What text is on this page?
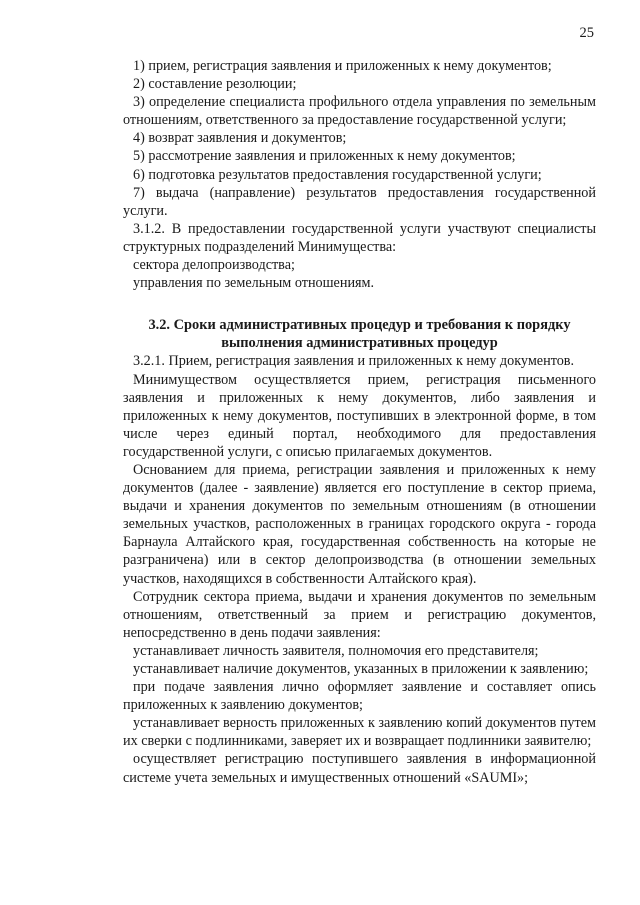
25

1) прием, регистрация заявления и приложенных к нему документов;

2) составление резолюции;

3) определение специалиста профильного отдела управления по земельным отношениям, ответственного за предоставление государственной услуги;

4) возврат заявления и документов;

5) рассмотрение заявления и приложенных к нему документов;

6) подготовка результатов предоставления государственной услуги;

7) выдача (направление) результатов предоставления государственной услуги.

3.1.2. В предоставлении государственной услуги участвуют специалисты структурных подразделений Минимущества:

сектора делопроизводства;

управления по земельным отношениям.

3.2. Сроки административных процедур и требования к порядку выполнения административных процедур

3.2.1. Прием, регистрация заявления и приложенных к нему документов.

Минимуществом осуществляется прием, регистрация письменного заявления и приложенных к нему документов, либо заявления и приложенных к нему документов, поступивших в электронной форме, в том числе через единый портал, необходимого для предоставления государственной услуги, с описью прилагаемых документов.

Основанием для приема, регистрации заявления и приложенных к нему документов (далее - заявление) является его поступление в сектор приема, выдачи и хранения документов по земельным отношениям (в отношении земельных участков, расположенных в границах городского округа - города Барнаула Алтайского края, государственная собственность на которые не разграничена) или в сектор делопроизводства (в отношении земельных участков, находящихся в собственности Алтайского края).

Сотрудник сектора приема, выдачи и хранения документов по земельным отношениям, ответственный за прием и регистрацию документов, непосредственно в день подачи заявления:

устанавливает личность заявителя, полномочия его представителя;

устанавливает наличие документов, указанных в приложении к заявлению;

при подаче заявления лично оформляет заявление и составляет опись приложенных к заявлению документов;

устанавливает верность приложенных к заявлению копий документов путем их сверки с подлинниками, заверяет их и возвращает подлинники заявителю;

осуществляет регистрацию поступившего заявления в информационной системе учета земельных и имущественных отношений «SAUMI»;
